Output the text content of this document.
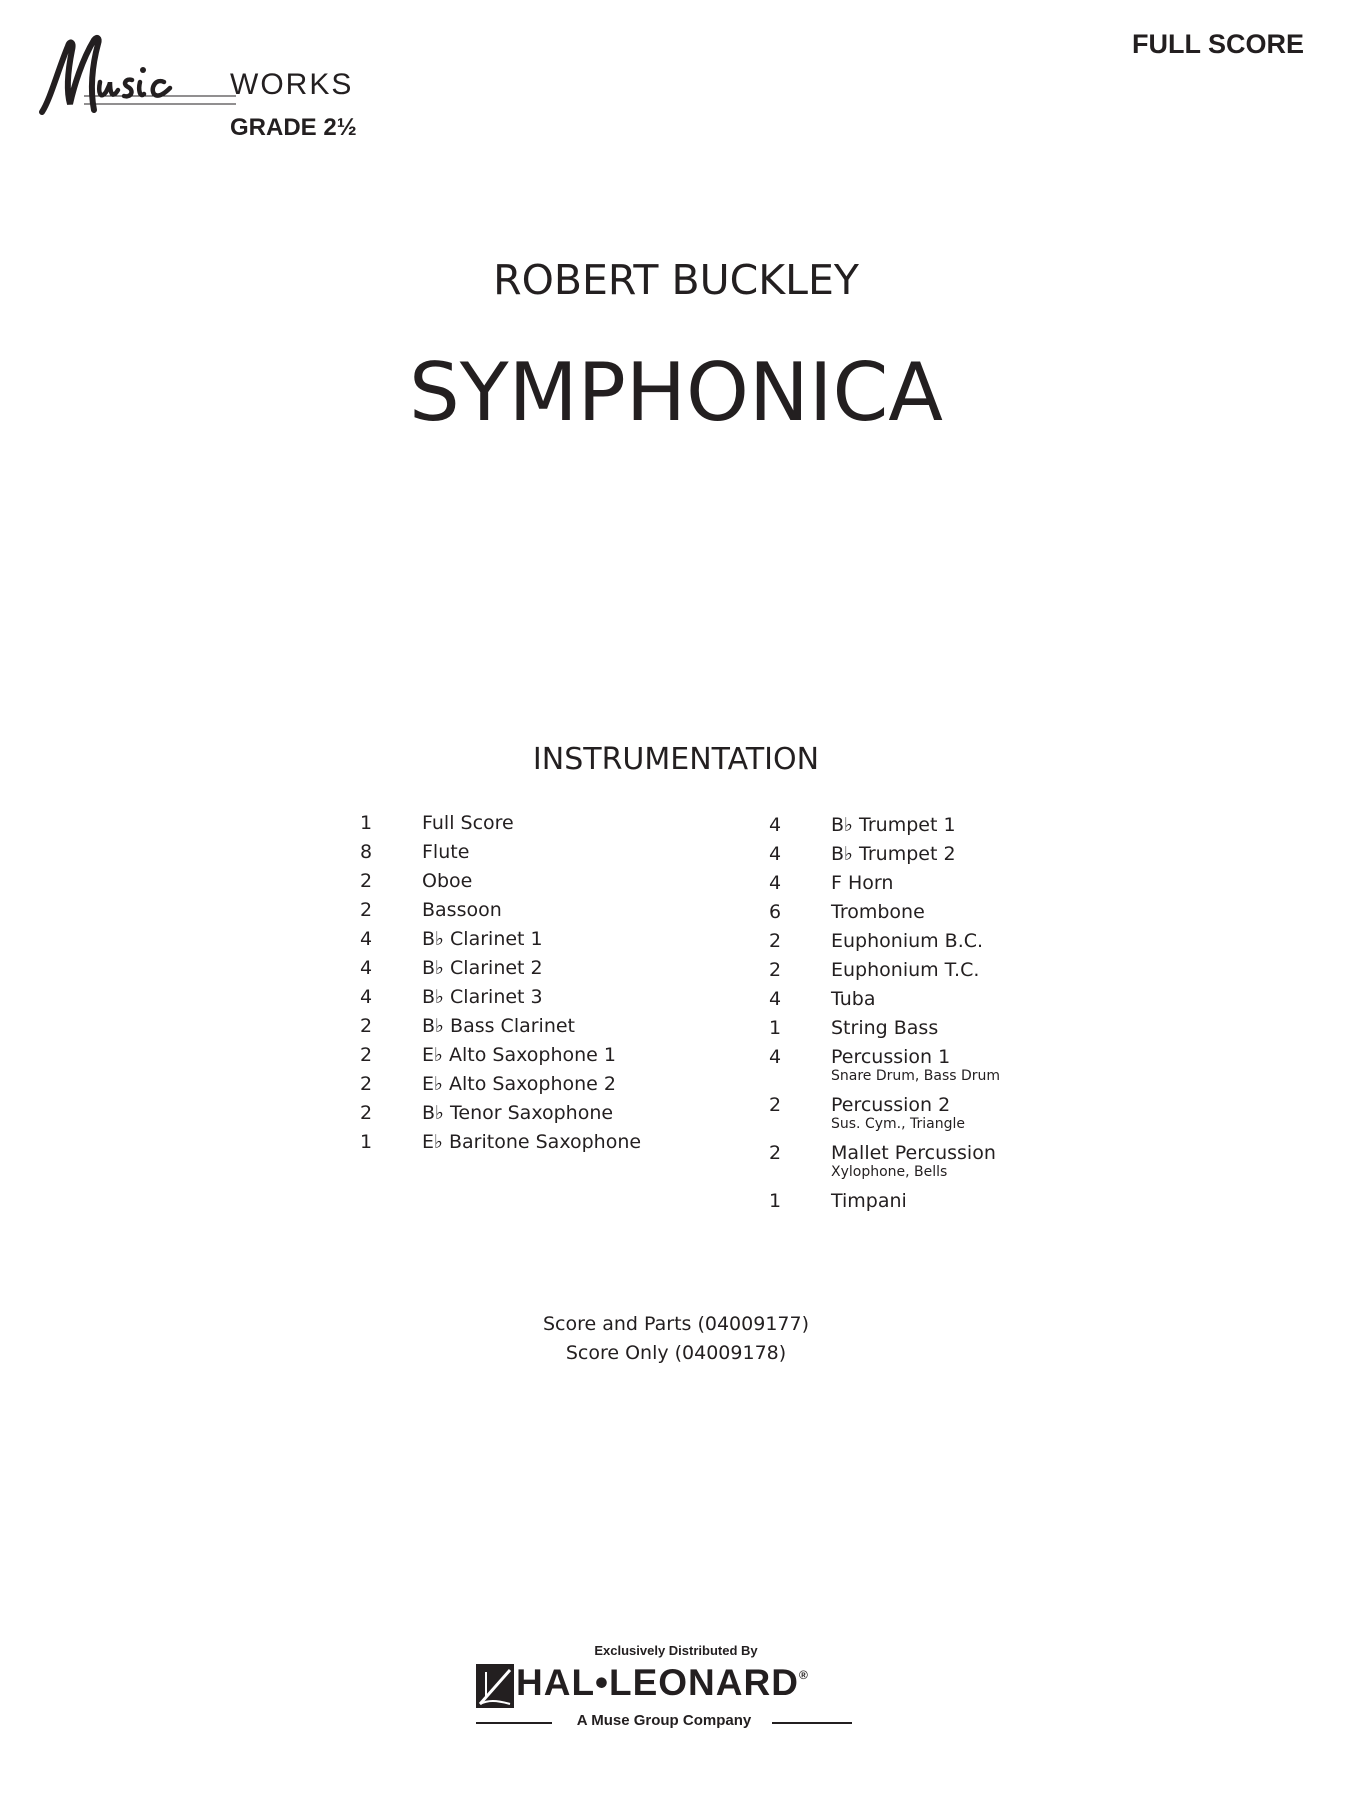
WORKS
GRADE 2½
FULL SCORE
ROBERT BUCKLEY
SYMPHONICA
INSTRUMENTATION
1	Full Score
8	Flute
2	Oboe
2	Bassoon
4	B♭ Clarinet 1
4	B♭ Clarinet 2
4	B♭ Clarinet 3
2	B♭ Bass Clarinet
2	E♭ Alto Saxophone 1
2	E♭ Alto Saxophone 2
2	B♭ Tenor Saxophone
1	E♭ Baritone Saxophone
4	B♭ Trumpet 1
4	B♭ Trumpet 2
4	F Horn
6	Trombone
2	Euphonium B.C.
2	Euphonium T.C.
4	Tuba
1	String Bass
4	Percussion 1
Snare Drum, Bass Drum
2	Percussion 2
Sus. Cym., Triangle
2	Mallet Percussion
Xylophone, Bells
1	Timpani
Score and Parts (04009177)
Score Only (04009178)
Exclusively Distributed By
HAL•LEONARD®
A Muse Group Company
